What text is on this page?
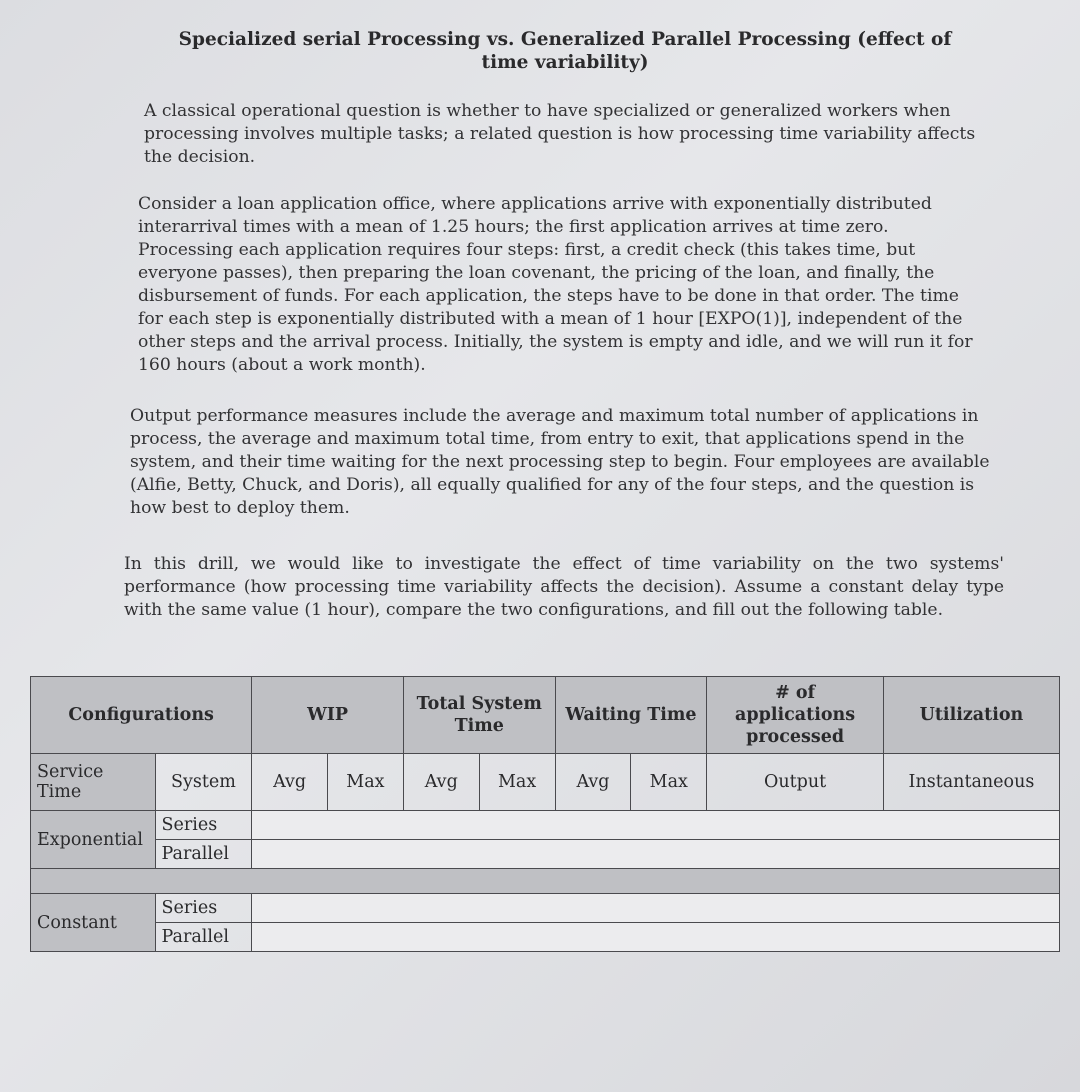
Specialized serial Processing vs. Generalized Parallel Processing (effect of time variability)

A classical operational question is whether to have specialized or generalized workers when processing involves multiple tasks; a related question is how processing time variability affects the decision.

Consider a loan application office, where applications arrive with exponentially distributed interarrival times with a mean of 1.25 hours; the first application arrives at time zero. Processing each application requires four steps: first, a credit check (this takes time, but everyone passes), then preparing the loan covenant, the pricing of the loan, and finally, the disbursement of funds. For each application, the steps have to be done in that order. The time for each step is exponentially distributed with a mean of 1 hour [EXPO(1)], independent of the other steps and the arrival process. Initially, the system is empty and idle, and we will run it for 160 hours (about a work month).

Output performance measures include the average and maximum total number of applications in process, the average and maximum total time, from entry to exit, that applications spend in the system, and their time waiting for the next processing step to begin. Four employees are available (Alfie, Betty, Chuck, and Doris), all equally qualified for any of the four steps, and the question is how best to deploy them.

In this drill, we would like to investigate the effect of time variability on the two systems' performance (how processing time variability affects the decision). Assume a constant delay type with the same value (1 hour), compare the two configurations, and fill out the following table.

Configurations		WIP		Total System Time		Waiting Time		# of applications processed	Utilization
Service Time	System	Avg	Max	Avg	Max	Avg	Max	Output	Instantaneous
Exponential	Series								
	Parallel								

Constant	Series								
	Parallel								
